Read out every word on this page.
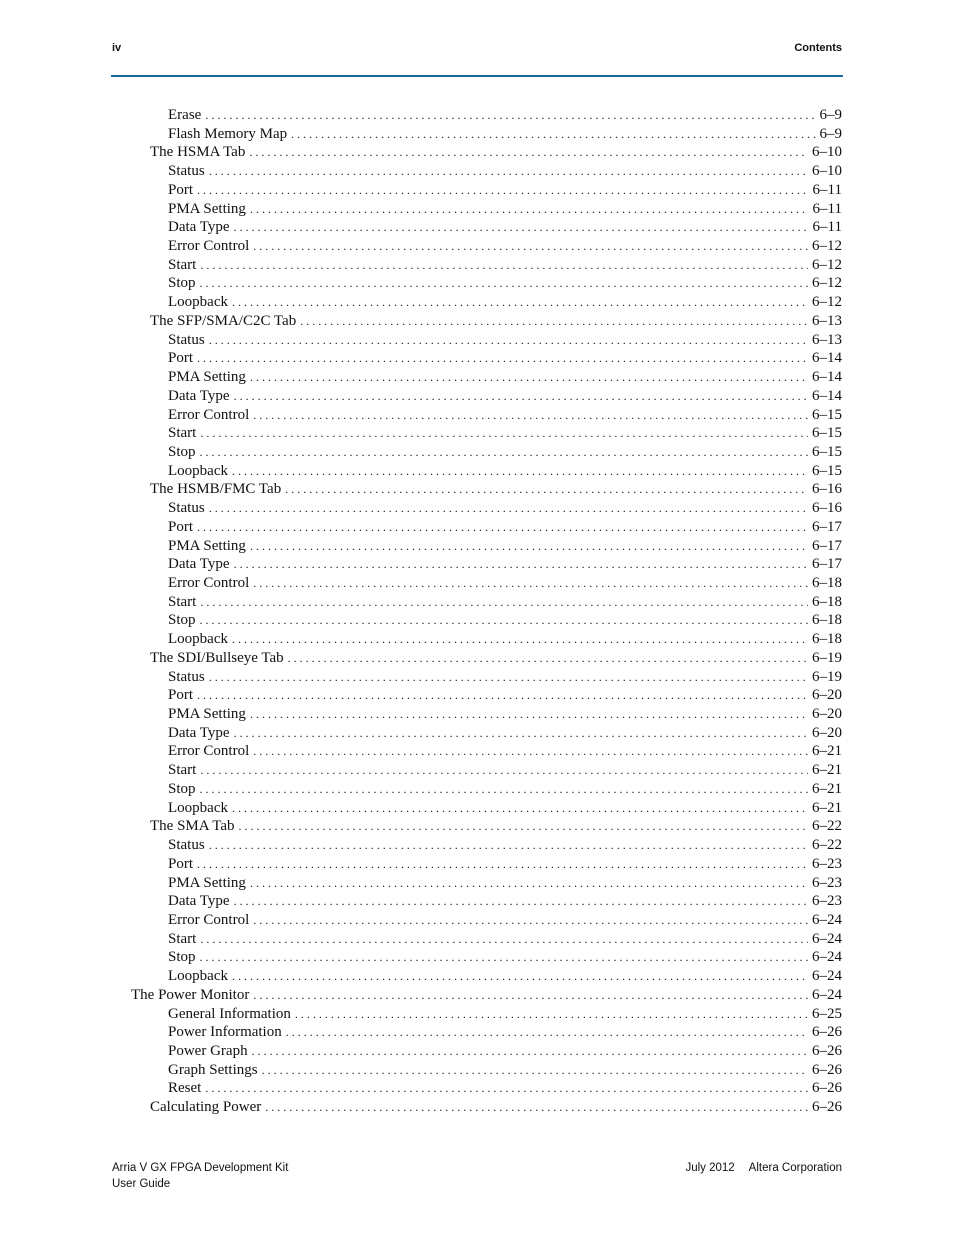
iv	Contents
Erase . . .	6–9
Flash Memory Map . . .	6–9
The HSMA Tab . . .	6–10
Status . . .	6–10
Port . . .	6–11
PMA Setting . . .	6–11
Data Type . . .	6–11
Error Control . . .	6–12
Start . . .	6–12
Stop . . .	6–12
Loopback . . .	6–12
The SFP/SMA/C2C Tab . . .	6–13
Status . . .	6–13
Port . . .	6–14
PMA Setting . . .	6–14
Data Type . . .	6–14
Error Control . . .	6–15
Start . . .	6–15
Stop . . .	6–15
Loopback . . .	6–15
The HSMB/FMC Tab . . .	6–16
Status . . .	6–16
Port . . .	6–17
PMA Setting . . .	6–17
Data Type . . .	6–17
Error Control . . .	6–18
Start . . .	6–18
Stop . . .	6–18
Loopback . . .	6–18
The SDI/Bullseye Tab . . .	6–19
Status . . .	6–19
Port . . .	6–20
PMA Setting . . .	6–20
Data Type . . .	6–20
Error Control . . .	6–21
Start . . .	6–21
Stop . . .	6–21
Loopback . . .	6–21
The SMA Tab . . .	6–22
Status . . .	6–22
Port . . .	6–23
PMA Setting . . .	6–23
Data Type . . .	6–23
Error Control . . .	6–24
Start . . .	6–24
Stop . . .	6–24
Loopback . . .	6–24
The Power Monitor . . .	6–24
General Information . . .	6–25
Power Information . . .	6–26
Power Graph . . .	6–26
Graph Settings . . .	6–26
Reset . . .	6–26
Calculating Power . . .	6–26
Arria V GX FPGA Development Kit
User Guide
July 2012 Altera Corporation
